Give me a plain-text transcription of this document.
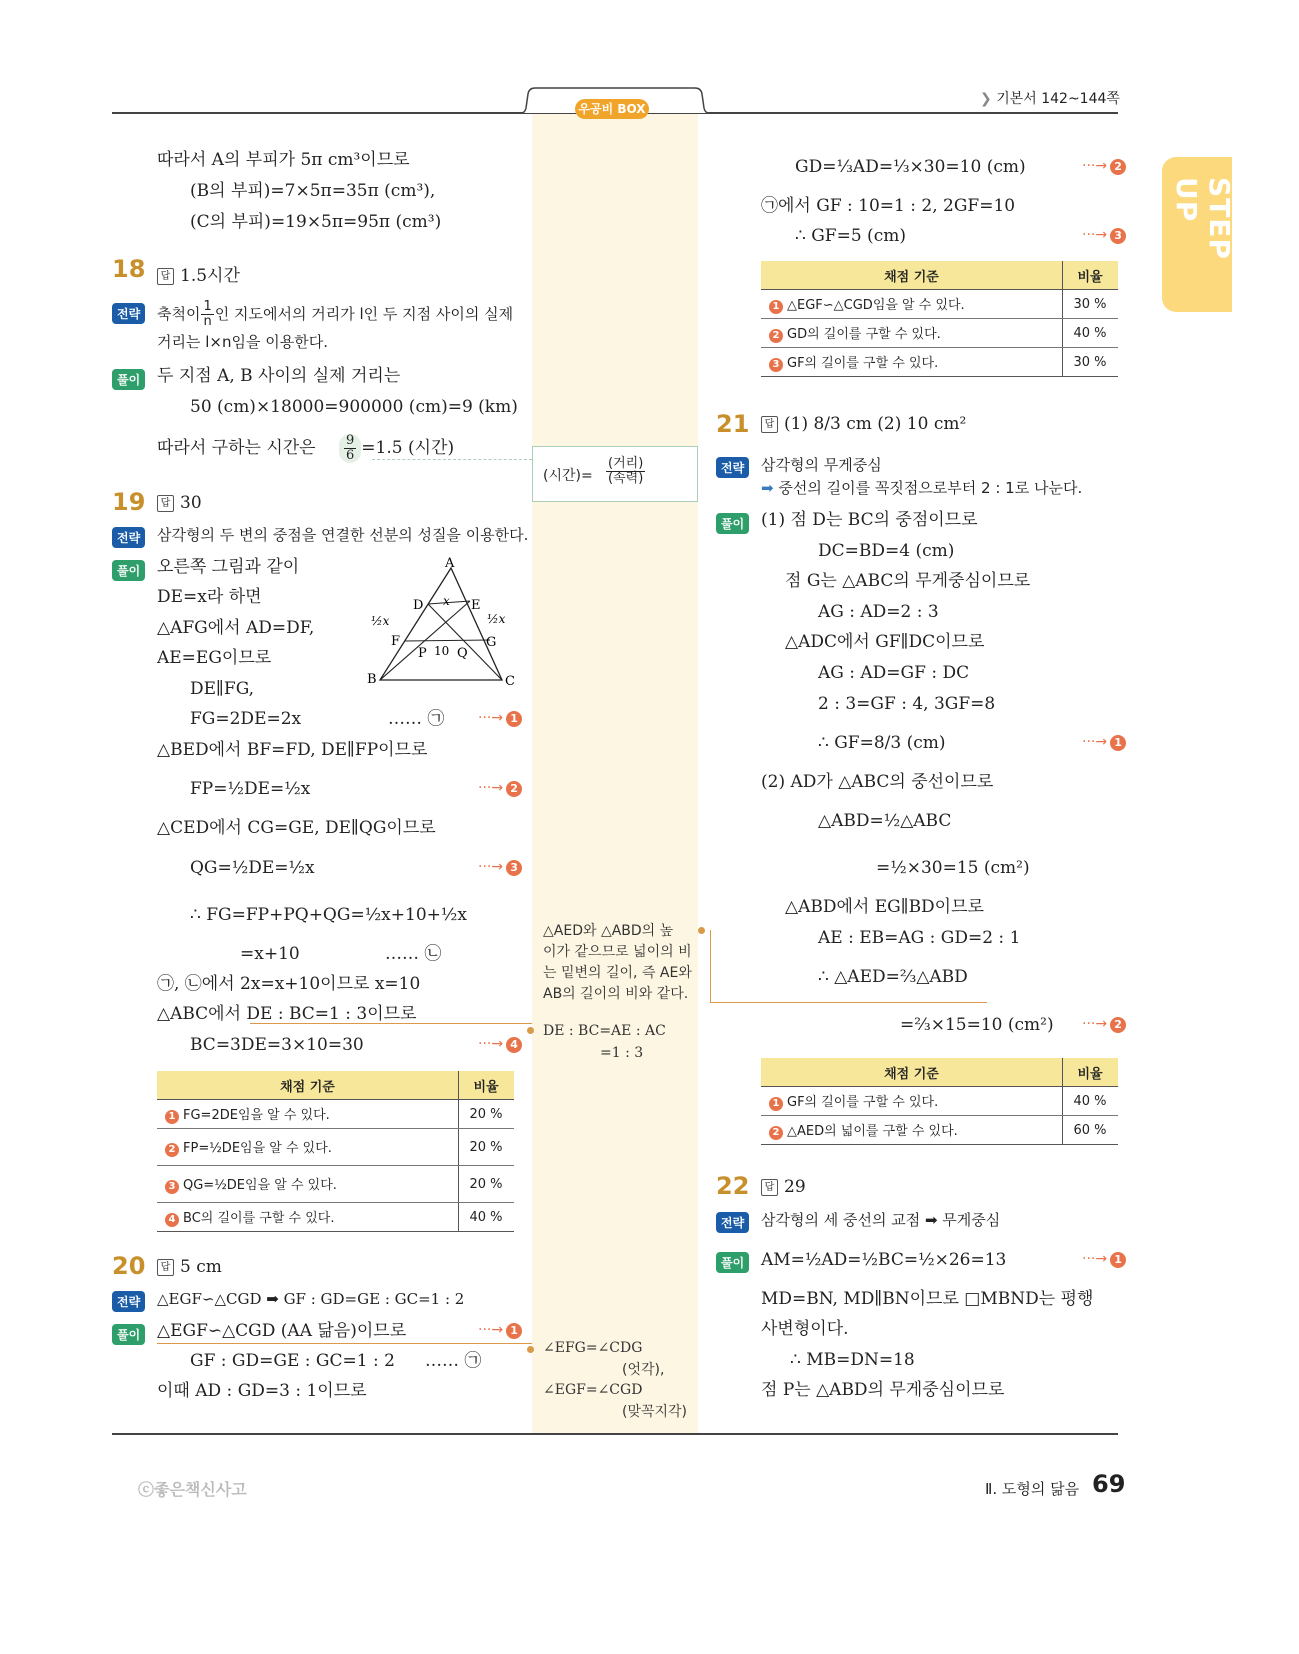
우공비 BOX
❯ 기본서 142~144쪽
STEP UP
ⓒ좋은책신사고	Ⅱ. 도형의 닮음 69
따라서 A의 부피가 5π cm³이므로
(B의 부피)=7×5π=35π (cm³),
(C의 부피)=19×5π=95π (cm³)
18	답 1.5시간
전략	축척이 $\frac{1}{n}$ 인 지도에서의 거리가 l인 두 지점 사이의 실제
거리는 l×n임을 이용한다.
풀이 두 지점 A, B 사이의 실제 거리는
50 (cm)×18000=900000 (cm)=9 (km)
따라서 구하는 시간은 $\frac{9}{6} =1.5$ (시간)
(시간)=
(거리)
(속력)
19	답 30
전략	삼각형의 두 변의 중점을 연결한 선분의 성질을 이용한다.
풀이 오른쪽 그림과 같이
DE=x라 하면
△AFG에서 AD=DF,
AE=EG이므로
DE∥FG,
FG=2DE=2x	…… ㉠ ···→ 1
△BED에서 BF=FD, DE∥FP이므로
FP=½DE=½x	···→ 2
△CED에서 CG=GE, DE∥QG이므로
QG=½DE=½x	···→ 3
∴ FG=FP+PQ+QG=½x+10+½x
=x+10	…… ㉡
㉠, ㉡에서 2x=x+10이므로 x=10
△ABC에서 DE : BC=1 : 3이므로
BC=3DE=3×10=30	···→ 4
DE : BC=AE : AC
=1 : 3
A
B	C
D	E
F	G
P Q
10
x
½x	½x
채점 기준	비율
1 FG=2DE임을 알 수 있다.	20 %
2 FP=½DE임을 알 수 있다.	20 %
3 QG=½DE임을 알 수 있다.	20 %
4 BC의 길이를 구할 수 있다.	40 %
20	답 5 cm
전략	△EGF∽△CGD ➡ GF : GD=GE : GC=1 : 2
풀이 △EGF∽△CGD (AA 닮음)이므로	···→ 1
GF : GD=GE : GC=1 : 2 …… ㉠
이때 AD : GD=3 : 1이므로
∠EFG=∠CDG
(엇각),
∠EGF=∠CGD
(맞꼭지각)
GD=⅓AD=⅓×30=10 (cm)	···→ 2
㉠에서 GF : 10=1 : 2, 2GF=10
∴ GF=5 (cm)	···→ 3
채점 기준	비율
1 △EGF∽△CGD임을 알 수 있다.	30 %
2 GD의 길이를 구할 수 있다.	40 %
3 GF의 길이를 구할 수 있다.	30 %
21	답 (1) 8/3 cm (2) 10 cm²
전략	삼각형의 무게중심
➡ 중선의 길이를 꼭짓점으로부터 2 : 1로 나눈다.
풀이 (1) 점 D는 BC의 중점이므로
DC=BD=4 (cm)
점 G는 △ABC의 무게중심이므로
AG : AD=2 : 3
△ADC에서 GF∥DC이므로
AG : AD=GF : DC
2 : 3=GF : 4, 3GF=8
∴ GF=8/3 (cm)	···→ 1
(2) AD가 △ABC의 중선이므로
△ABD=½△ABC
=½×30=15 (cm²)
△ABD에서 EG∥BD이므로
AE : EB=AG : GD=2 : 1
∴ △AED=⅔△ABD
=⅔×15=10 (cm²) ···→ 2
△AED와 △ABD의 높
이가 같으므로 넓이의 비
는 밑변의 길이, 즉 AE와
AB의 길이의 비와 같다.
채점 기준	비율
1 GF의 길이를 구할 수 있다.	40 %
2 △AED의 넓이를 구할 수 있다.	60 %
22	답 29
전략	삼각형의 세 중선의 교점 ➡ 무게중심
풀이 AM=½AD=½BC=½×26=13	···→ 1
MD=BN, MD∥BN이므로 □MBND는 평행
사변형이다.
∴ MB=DN=18
점 P는 △ABD의 무게중심이므로
